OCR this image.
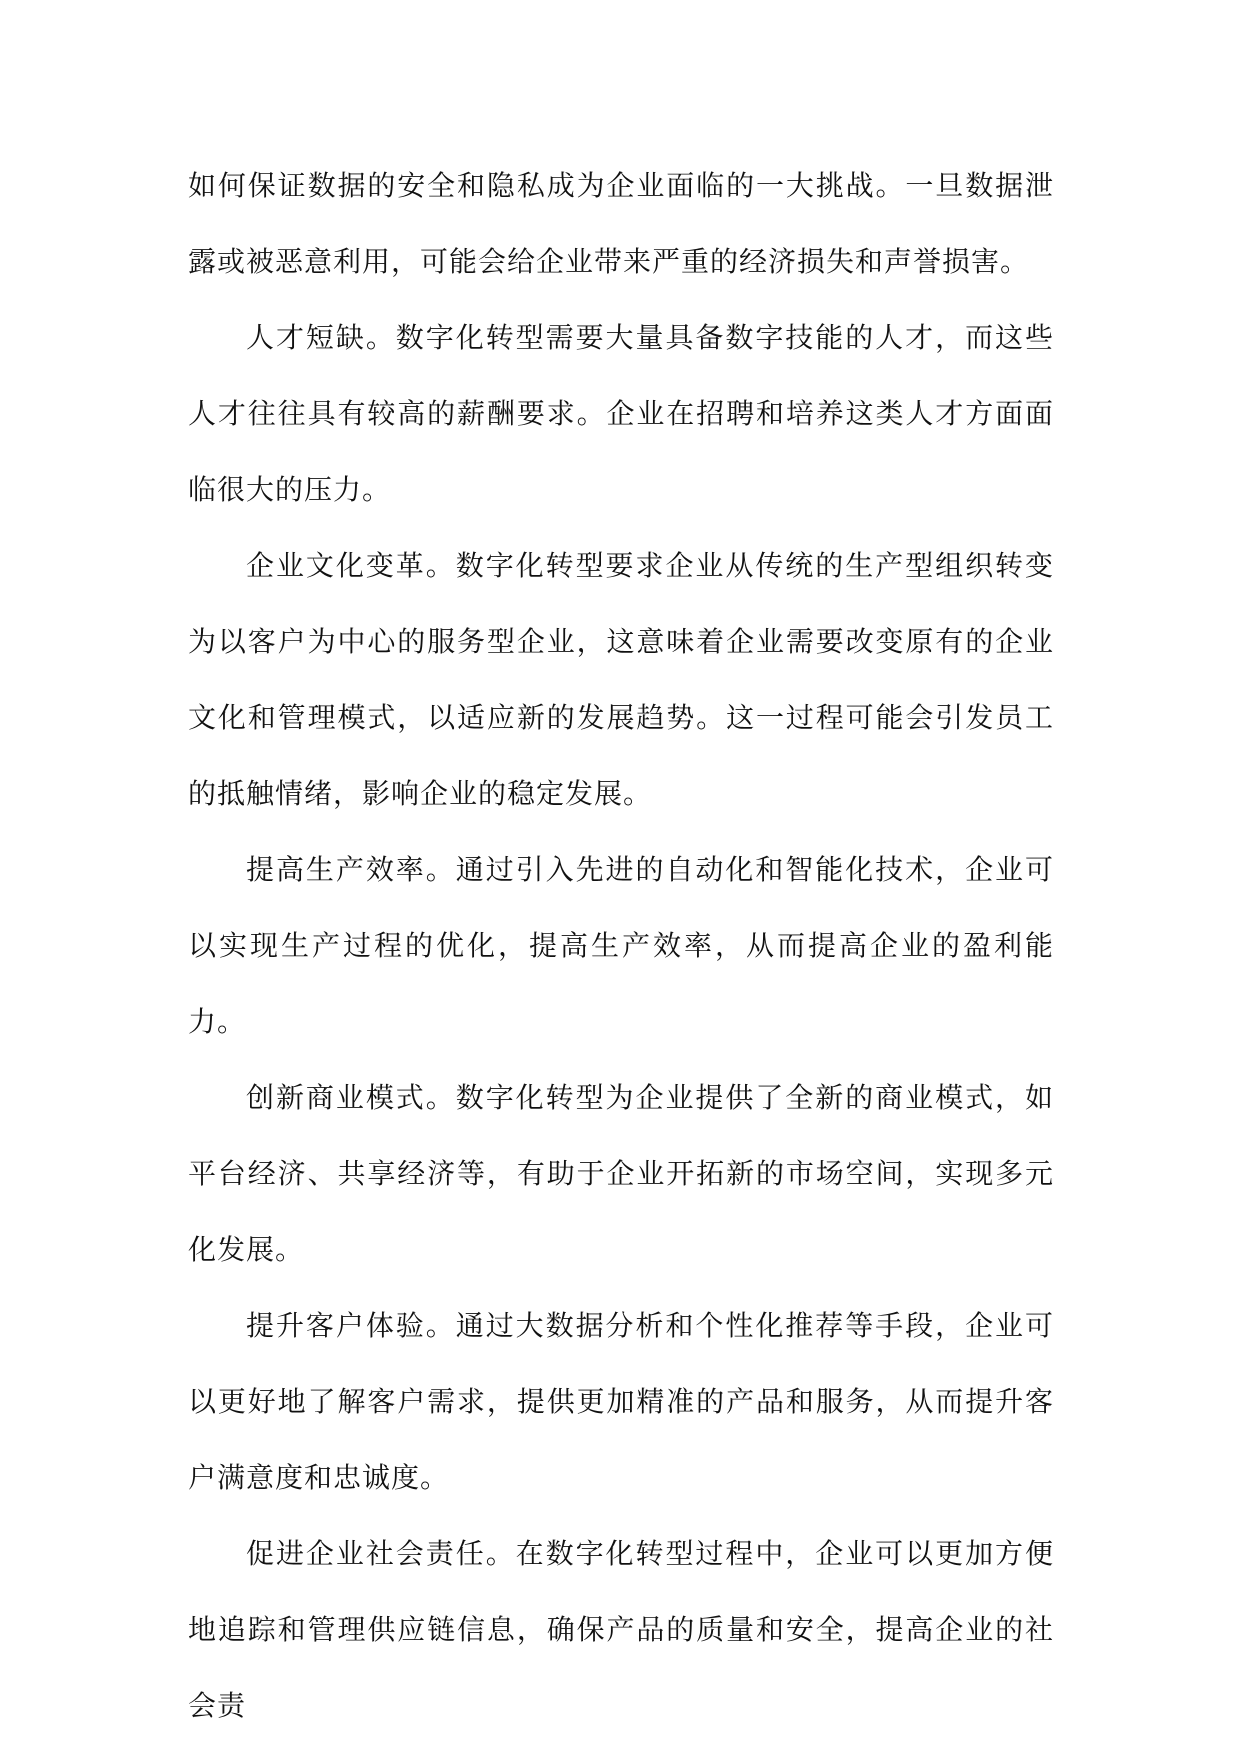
如何保证数据的安全和隐私成为企业面临的一大挑战。一旦数据泄露或被恶意利用，可能会给企业带来严重的经济损失和声誉损害。

人才短缺。数字化转型需要大量具备数字技能的人才，而这些人才往往具有较高的薪酬要求。企业在招聘和培养这类人才方面面临很大的压力。

企业文化变革。数字化转型要求企业从传统的生产型组织转变为以客户为中心的服务型企业，这意味着企业需要改变原有的企业文化和管理模式，以适应新的发展趋势。这一过程可能会引发员工的抵触情绪，影响企业的稳定发展。

提高生产效率。通过引入先进的自动化和智能化技术，企业可以实现生产过程的优化，提高生产效率，从而提高企业的盈利能力。

创新商业模式。数字化转型为企业提供了全新的商业模式，如平台经济、共享经济等，有助于企业开拓新的市场空间，实现多元化发展。

提升客户体验。通过大数据分析和个性化推荐等手段，企业可以更好地了解客户需求，提供更加精准的产品和服务，从而提升客户满意度和忠诚度。

促进企业社会责任。在数字化转型过程中，企业可以更加方便地追踪和管理供应链信息，确保产品的质量和安全，提高企业的社会责
